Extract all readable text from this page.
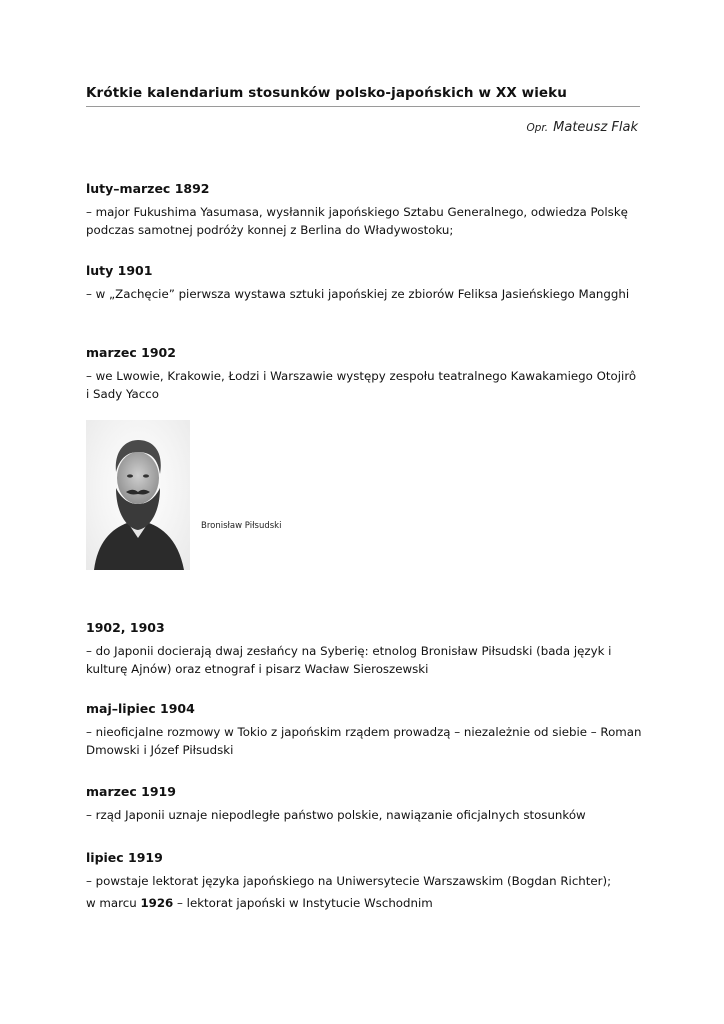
Krótkie kalendarium stosunków polsko-japońskich w XX wieku
Opr. Mateusz Flak

luty–marzec 1892

– major Fukushima Yasumasa, wysłannik japońskiego Sztabu Generalnego, odwiedza Polskę podczas samotnej podróży konnej z Berlina do Władywostoku;

luty 1901

– w „Zachęcie” pierwsza wystawa sztuki japońskiej ze zbiorów Feliksa Jasieńskiego Mangghi

marzec 1902

– we Lwowie, Krakowie, Łodzi i Warszawie występy zespołu teatralnego Kawakamiego Otojirô i Sady Yacco

Bronisław Piłsudski

1902, 1903

– do Japonii docierają dwaj zesłańcy na Syberię: etnolog Bronisław Piłsudski (bada język i kulturę Ajnów) oraz etnograf i pisarz Wacław Sieroszewski

maj–lipiec 1904

– nieoficjalne rozmowy w Tokio z japońskim rządem prowadzą – niezależnie od siebie – Roman Dmowski i Józef Piłsudski

marzec 1919

– rząd Japonii uznaje niepodległe państwo polskie, nawiązanie oficjalnych stosunków

lipiec 1919

– powstaje lektorat języka japońskiego na Uniwersytecie Warszawskim (Bogdan Richter);

w marcu 1926 – lektorat japoński w Instytucie Wschodnim
